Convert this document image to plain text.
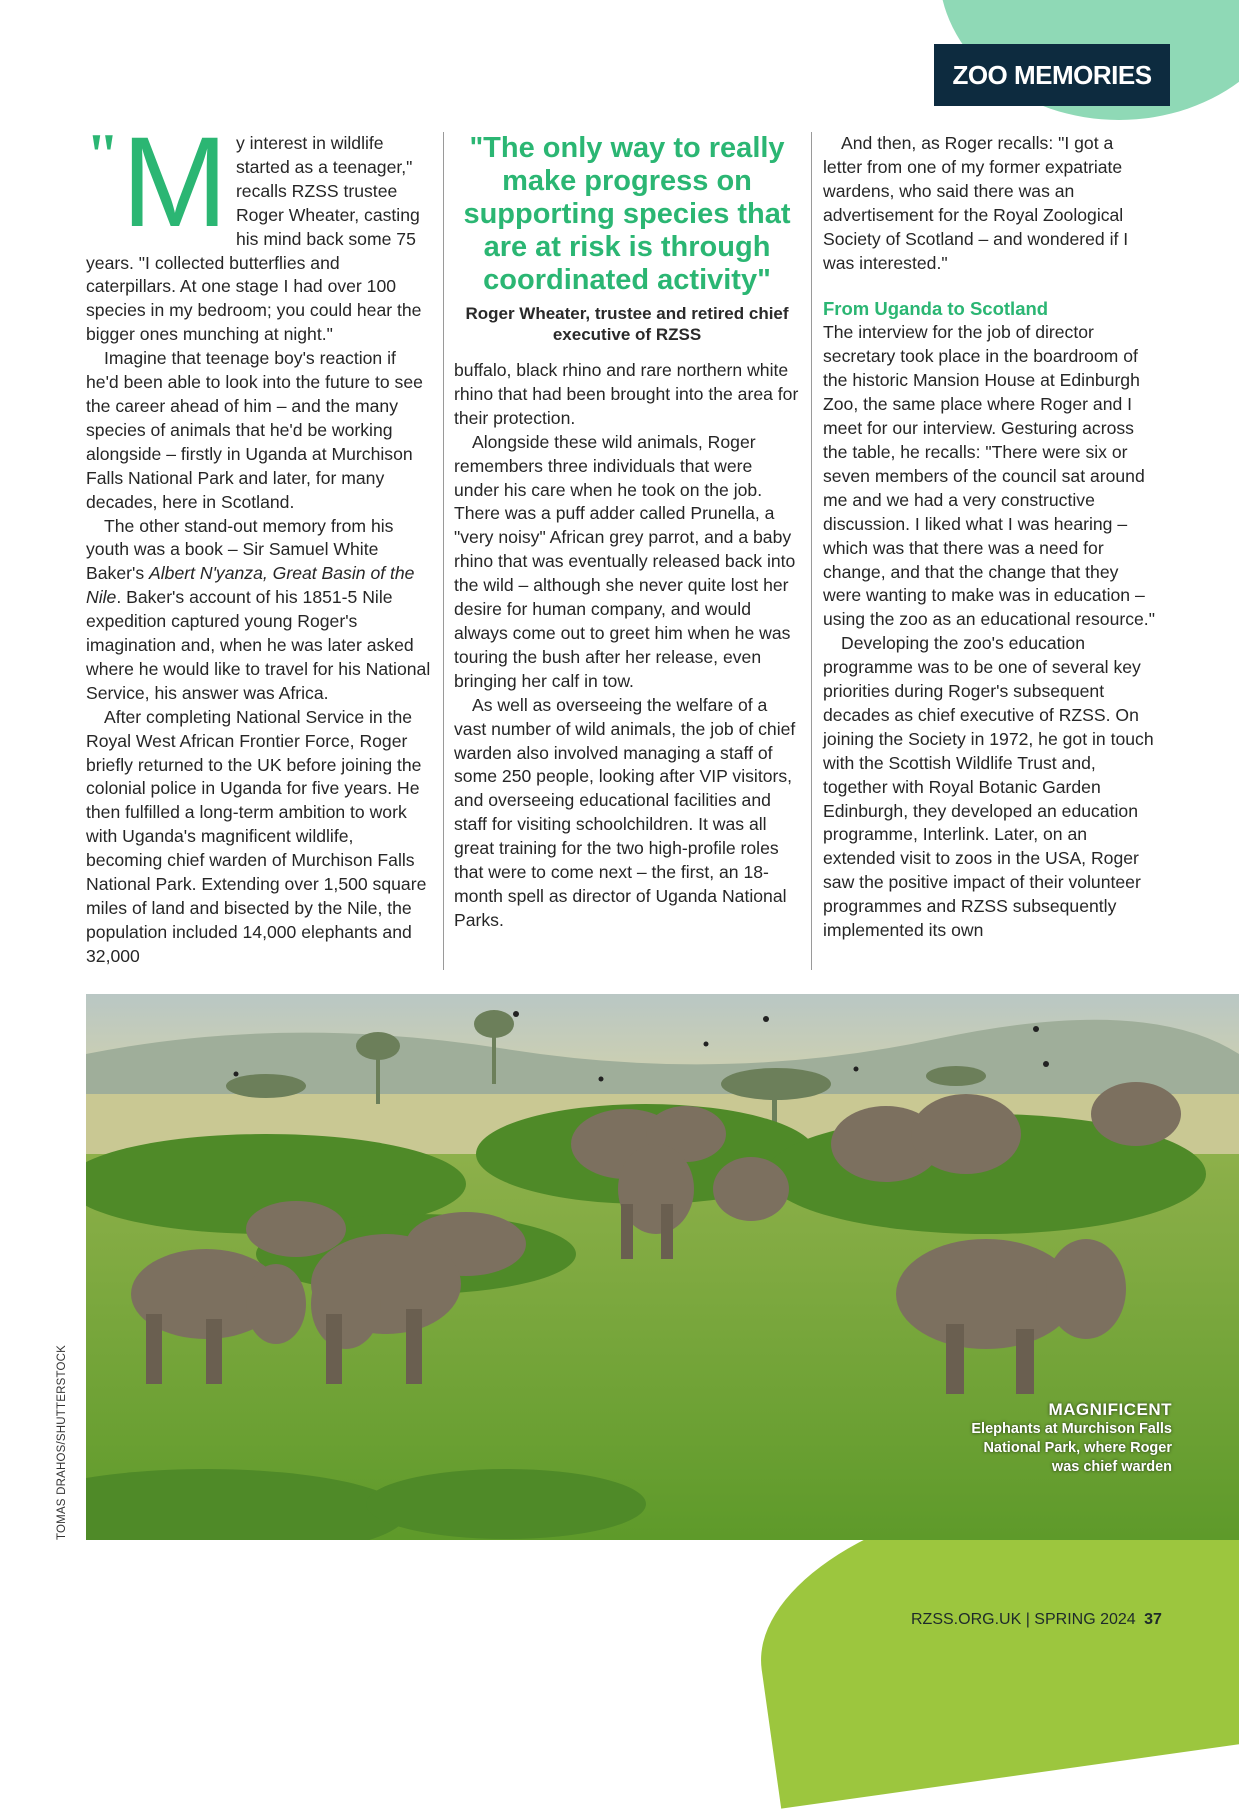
ZOO MEMORIES

" M y interest in wildlife started as a teenager," recalls RZSS trustee Roger Wheater, casting his mind back some 75 years. "I collected butterflies and caterpillars. At one stage I had over 100 species in my bedroom; you could hear the bigger ones munching at night."

Imagine that teenage boy's reaction if he'd been able to look into the future to see the career ahead of him – and the many species of animals that he'd be working alongside – firstly in Uganda at Murchison Falls National Park and later, for many decades, here in Scotland.

The other stand-out memory from his youth was a book – Sir Samuel White Baker's Albert N'yanza, Great Basin of the Nile. Baker's account of his 1851-5 Nile expedition captured young Roger's imagination and, when he was later asked where he would like to travel for his National Service, his answer was Africa.

After completing National Service in the Royal West African Frontier Force, Roger briefly returned to the UK before joining the colonial police in Uganda for five years. He then fulfilled a long-term ambition to work with Uganda's magnificent wildlife, becoming chief warden of Murchison Falls National Park. Extending over 1,500 square miles of land and bisected by the Nile, the population included 14,000 elephants and 32,000

"The only way to really make progress on supporting species that are at risk is through coordinated activity"
Roger Wheater, trustee and retired chief executive of RZSS

buffalo, black rhino and rare northern white rhino that had been brought into the area for their protection.

Alongside these wild animals, Roger remembers three individuals that were under his care when he took on the job. There was a puff adder called Prunella, a "very noisy" African grey parrot, and a baby rhino that was eventually released back into the wild – although she never quite lost her desire for human company, and would always come out to greet him when he was touring the bush after her release, even bringing her calf in tow.

As well as overseeing the welfare of a vast number of wild animals, the job of chief warden also involved managing a staff of some 250 people, looking after VIP visitors, and overseeing educational facilities and staff for visiting schoolchildren. It was all great training for the two high-profile roles that were to come next – the first, an 18-month spell as director of Uganda National Parks.

And then, as Roger recalls: "I got a letter from one of my former expatriate wardens, who said there was an advertisement for the Royal Zoological Society of Scotland – and wondered if I was interested."

From Uganda to Scotland

The interview for the job of director secretary took place in the boardroom of the historic Mansion House at Edinburgh Zoo, the same place where Roger and I meet for our interview. Gesturing across the table, he recalls: "There were six or seven members of the council sat around me and we had a very constructive discussion. I liked what I was hearing – which was that there was a need for change, and that the change that they were wanting to make was in education – using the zoo as an educational resource."

Developing the zoo's education programme was to be one of several key priorities during Roger's subsequent decades as chief executive of RZSS. On joining the Society in 1972, he got in touch with the Scottish Wildlife Trust and, together with Royal Botanic Garden Edinburgh, they developed an education programme, Interlink. Later, on an extended visit to zoos in the USA, Roger saw the positive impact of their volunteer programmes and RZSS subsequently implemented its own

TOMAS DRAHOS/SHUTTERSTOCK	MAGNIFICENT
Elephants at Murchison Falls National Park, where Roger was chief warden
RZSS.ORG.UK | SPRING 2024 37
